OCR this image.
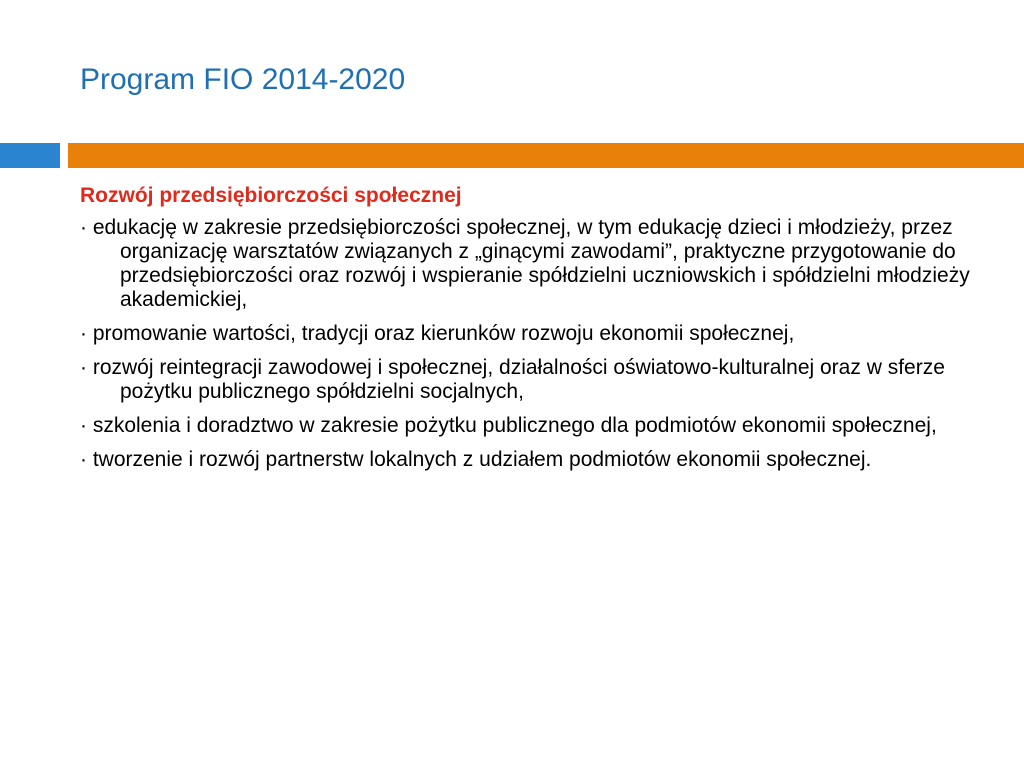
Program FIO 2014-2020
Rozwój przedsiębiorczości społecznej
· edukację w zakresie przedsiębiorczości społecznej, w tym edukację dzieci i młodzieży, przez organizację warsztatów związanych z „ginącymi zawodami”, praktyczne przygotowanie do przedsiębiorczości oraz rozwój i wspieranie spółdzielni uczniowskich i spółdzielni młodzieży akademickiej,
· promowanie wartości, tradycji oraz kierunków rozwoju ekonomii społecznej,
· rozwój reintegracji zawodowej i społecznej, działalności oświatowo-kulturalnej oraz w sferze pożytku publicznego spółdzielni socjalnych,
· szkolenia i doradztwo w zakresie pożytku publicznego dla podmiotów ekonomii społecznej,
· tworzenie i rozwój partnerstw lokalnych z udziałem podmiotów ekonomii społecznej.
